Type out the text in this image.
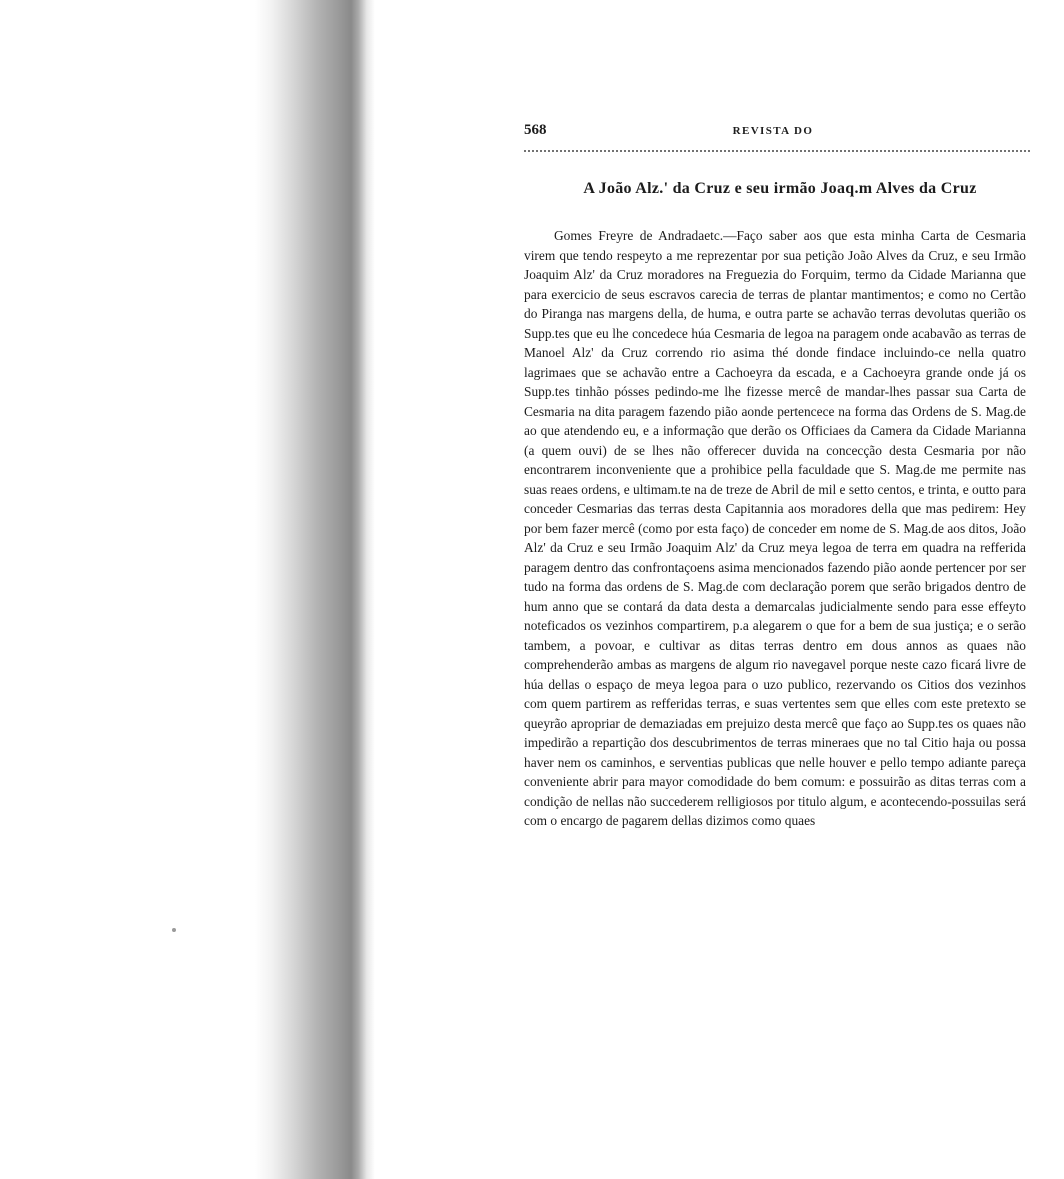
568	REVISTA DO
A João Alz.' da Cruz e seu irmão Joaq.m Alves da Cruz
Gomes Freyre de Andradaetc.—Faço saber aos que esta minha Carta de Cesmaria virem que tendo respeyto a me reprezentar por sua petição João Alves da Cruz, e seu Irmão Joaquim Alz' da Cruz moradores na Freguezia do Forquim, termo da Cidade Marianna que para exercicio de seus escravos carecia de terras de plantar mantimentos; e como no Certão do Piranga nas margens della, de huma, e outra parte se achavão terras devolutas querião os Supp.tes que eu lhe concedece húa Cesmaria de legoa na paragem onde acabavão as terras de Manoel Alz' da Cruz correndo rio asima thé donde findace incluindo-ce nella quatro lagrimaes que se achavão entre a Cachoeyra da escada, e a Cachoeyra grande onde já os Supp.tes tinhão pósses pedindo-me lhe fizesse mercê de mandar-lhes passar sua Carta de Cesmaria na dita paragem fazendo pião aonde pertencece na forma das Ordens de S. Mag.de ao que atendendo eu, e a informação que derão os Officiaes da Camera da Cidade Marianna (a quem ouvi) de se lhes não offerecer duvida na concecção desta Cesmaria por não encontrarem inconveniente que a prohibice pella faculdade que S. Mag.de me permite nas suas reaes ordens, e ultimam.te na de treze de Abril de mil e setto centos, e trinta, e outto para conceder Cesmarias das terras desta Capitannia aos moradores della que mas pedirem: Hey por bem fazer mercê (como por esta faço) de conceder em nome de S. Mag.de aos ditos, João Alz' da Cruz e seu Irmão Joaquim Alz' da Cruz meya legoa de terra em quadra na refferida paragem dentro das confrontaçoens asima mencionados fazendo pião aonde pertencer por ser tudo na forma das ordens de S. Mag.de com declaração porem que serão brigados dentro de hum anno que se contará da data desta a demarcalas judicialmente sendo para esse effeyto noteficados os vezinhos compartirem, p.a alegarem o que for a bem de sua justiça; e o serão tambem, a povoar, e cultivar as ditas terras dentro em dous annos as quaes não comprehenderão ambas as margens de algum rio navegavel porque neste cazo ficará livre de húa dellas o espaço de meya legoa para o uzo publico, rezervando os Citios dos vezinhos com quem partirem as refferidas terras, e suas vertentes sem que elles com este pretexto se queyrão apropriar de demaziadas em prejuizo desta mercê que faço ao Supp.tes os quaes não impedirão a repartição dos descubrimentos de terras mineraes que no tal Citio haja ou possa haver nem os caminhos, e serventias publicas que nelle houver e pello tempo adiante pareça conveniente abrir para mayor comodidade do bem comum: e possuirão as ditas terras com a condição de nellas não succederem relligiosos por titulo algum, e acontecendo-possuilas será com o encargo de pagarem dellas dizimos como quaes
